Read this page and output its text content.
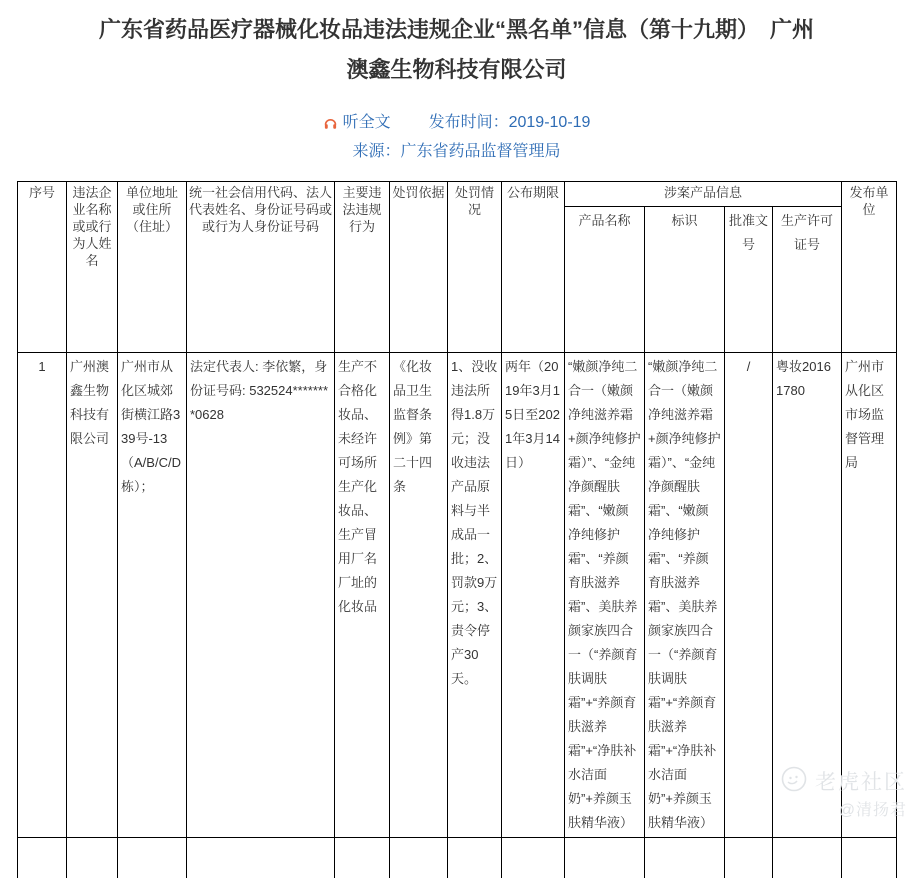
广东省药品医疗器械化妆品违法违规企业“黑名单”信息（第十九期）　广州
澳鑫生物科技有限公司
听全文 发布时间：2019-10-19
来源：广东省药品监督管理局
序号	违法企业名称或或行为人姓名	单位地址或住所（住址）	统一社会信用代码、法人代表姓名、身份证号码或或行为人身份证号码	主要违法违规行为	处罚依据	处罚情况	公布期限	涉案产品信息				发布单位
								产品名称	标识	批准文号	生产许可证号	
1	广州澳鑫生物科技有限公司	广州市从化区城郊街横江路339号-13（A/B/C/D栋）；	法定代表人: 李依繁，身份证号码: 532524********0628	生产不合格化妆品、未经许可场所生产化妆品、生产冒用厂名厂址的化妆品	《化妆品卫生监督条例》第二十四条	1、没收违法所得1.8万元；没收违法产品原料与半成品一批；2、罚款9万元；3、责令停产30天。	两年（2019年3月15日至2021年3月14日）	“嫩颜净纯二合一（嫩颜净纯滋养霜+颜净纯修护霜）”、“金纯净颜醒肤霜”、“嫩颜净纯修护霜”、“养颜育肤滋养霜”、美肤养颜家族四合一（“养颜育肤调肤霜”+“养颜育肤滋养霜”+“净肤补水洁面奶”+养颜玉肤精华液）	“嫩颜净纯二合一（嫩颜净纯滋养霜+颜净纯修护霜）”、“金纯净颜醒肤霜”、“嫩颜净纯修护霜”、“养颜育肤滋养霜”、美肤养颜家族四合一（“养颜育肤调肤霜”+“养颜育肤滋养霜”+“净肤补水洁面奶”+养颜玉肤精华液）	/	粤妆20161780	广州市从化区市场监督管理局

老虎社区
@清扬君
